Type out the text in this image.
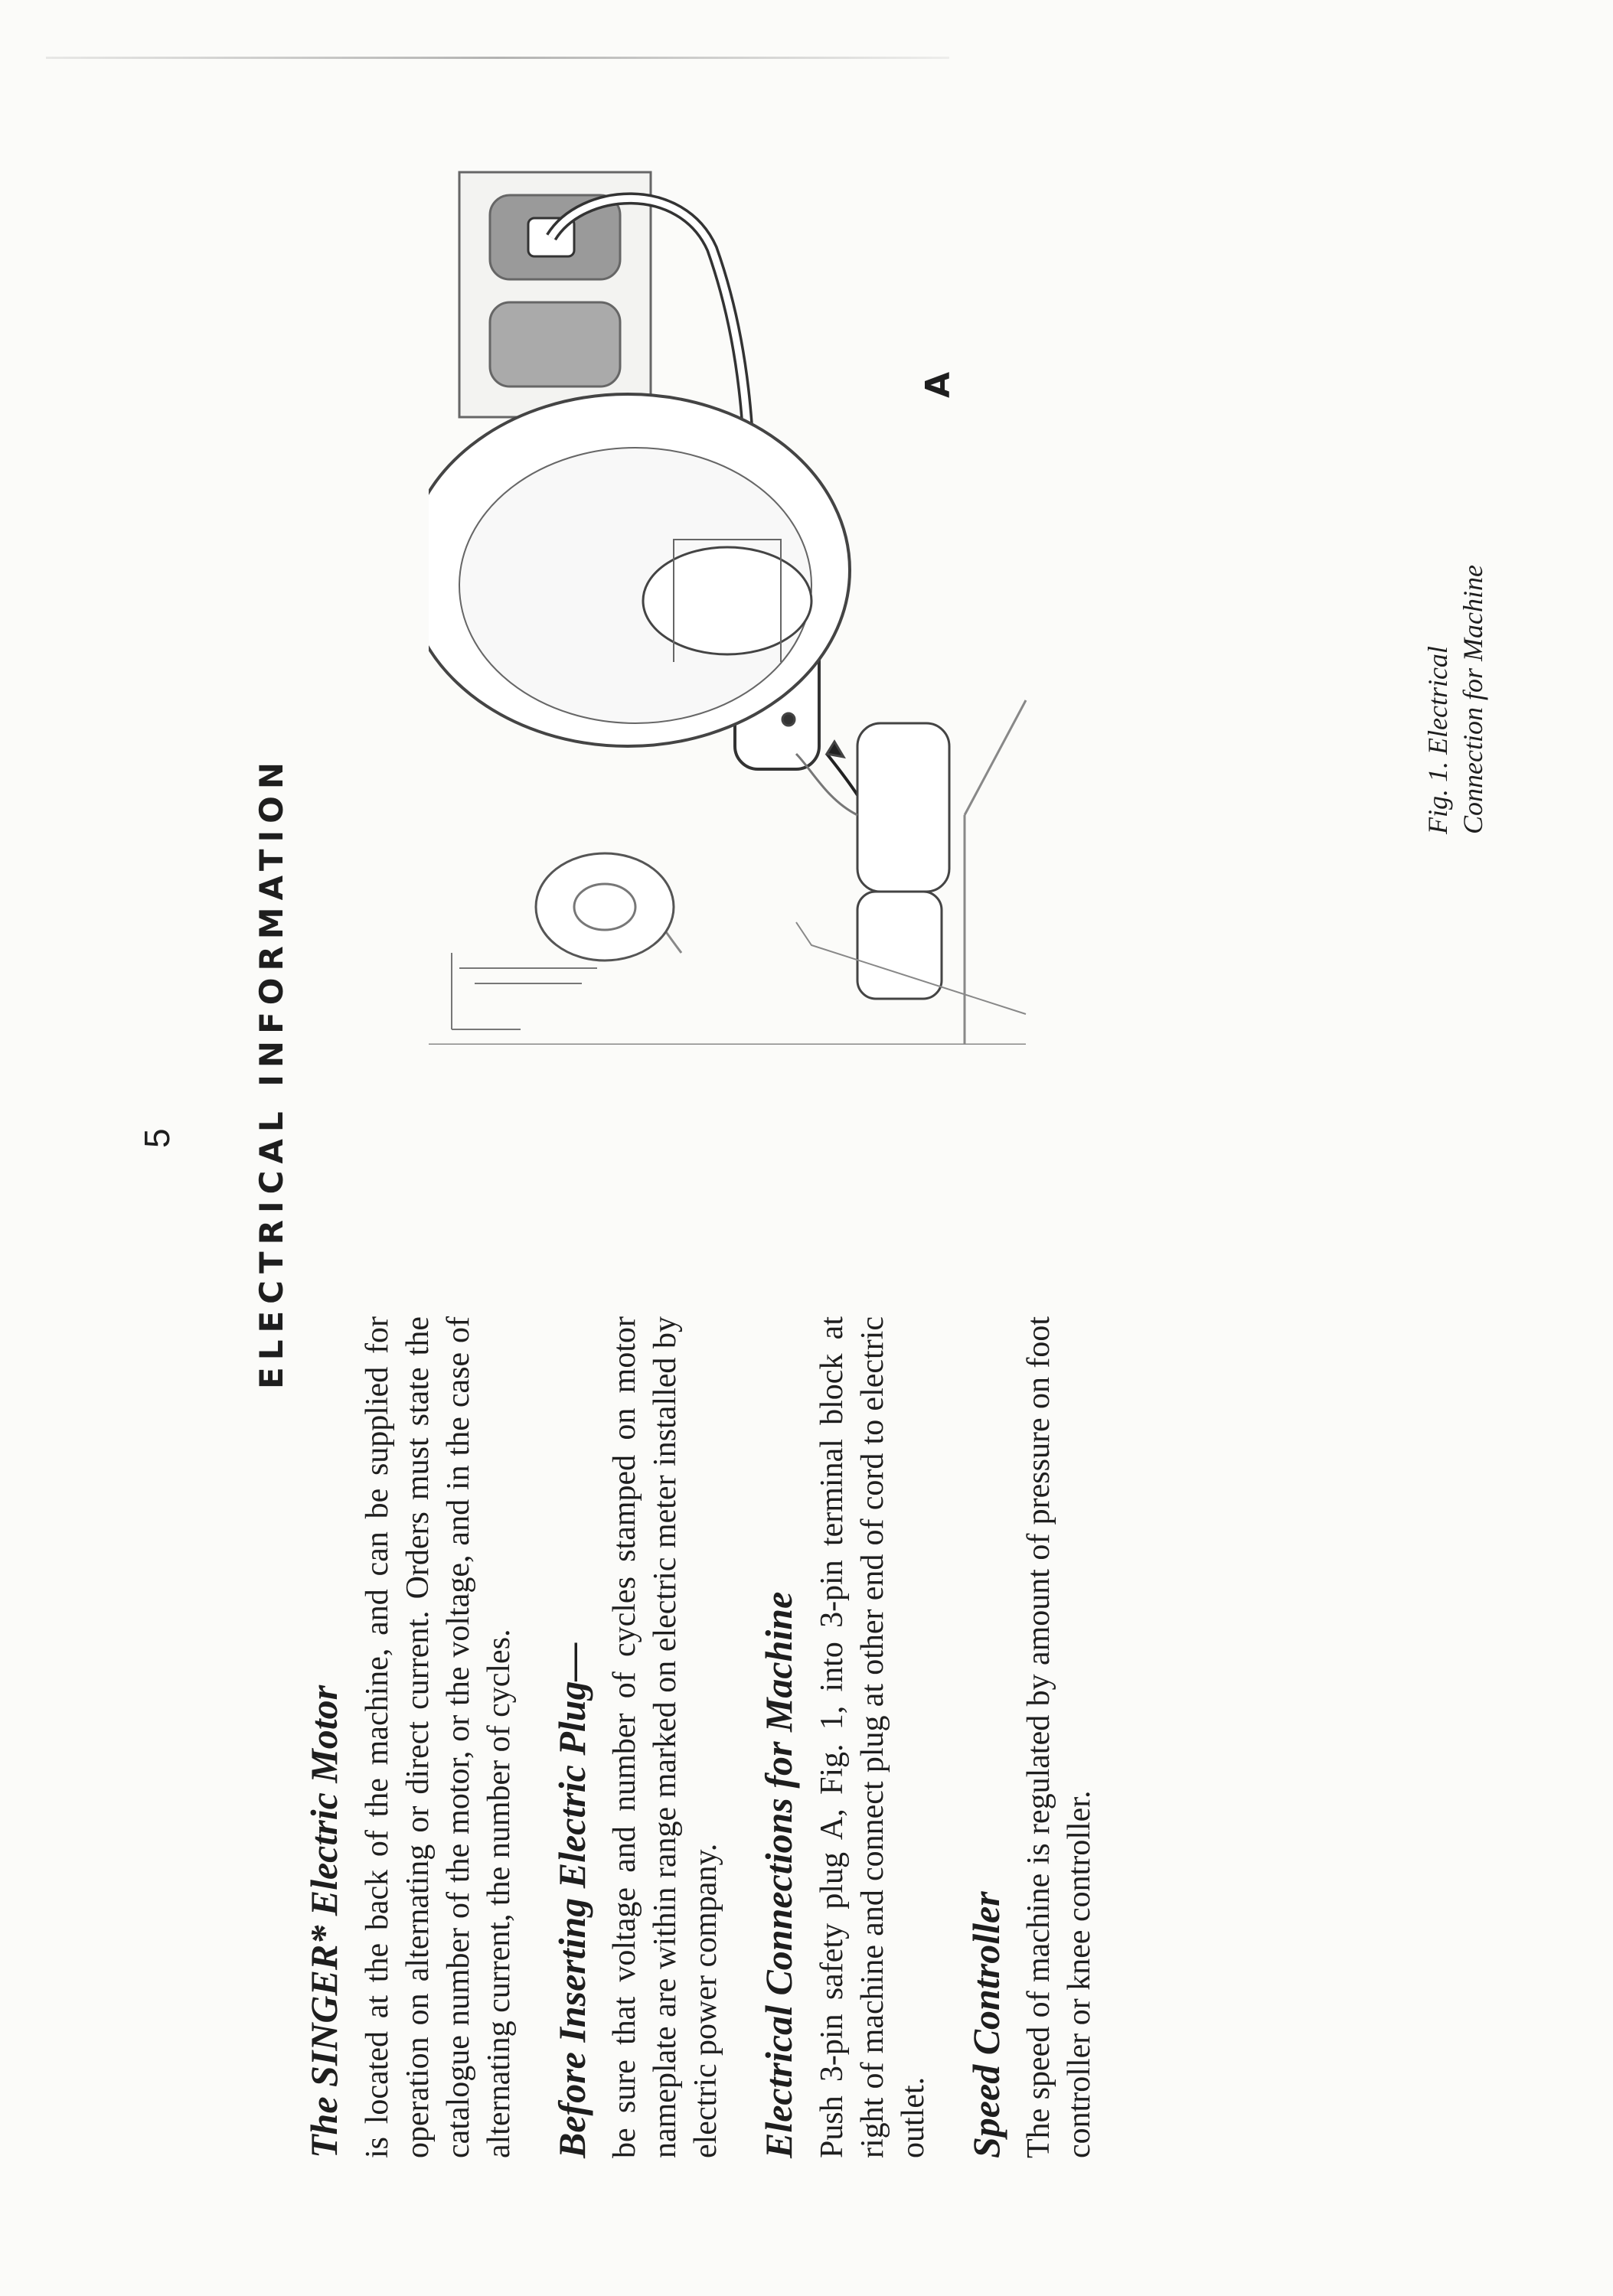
5 ELECTRICAL INFORMATION

The SINGER* Electric Motor is located at the back of the machine, and can be supplied for operation on alternating or direct current. Orders must state the catalogue number of the motor, or the voltage, and in the case of alternating current, the number of cycles. Before Inserting Electric Plug— be sure that voltage and number of cycles stamped on motor nameplate are within range marked on electric meter installed by electric power company. Electrical Connections for Machine Push 3-pin safety plug A, Fig. 1, into 3-pin terminal block at right of machine and connect plug at other end of cord to electric outlet. Speed Controller The speed of machine is regulated by amount of pressure on foot controller or knee controller.

A
Fig. 1. Electrical Connection for Machine
